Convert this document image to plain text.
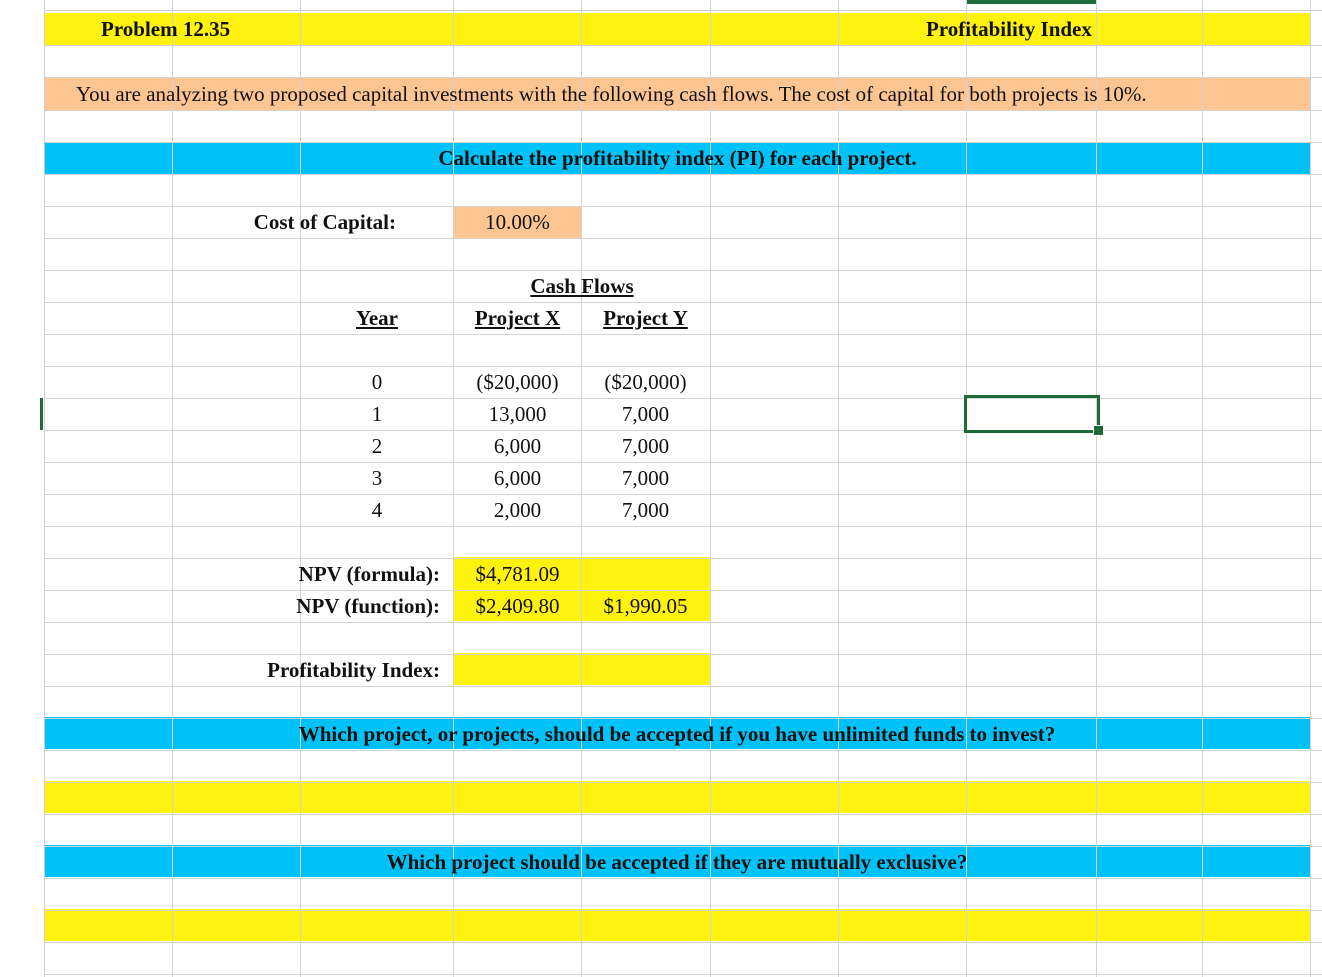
Problem 12.35	Profitability Index
You are analyzing two proposed capital investments with the following cash flows. The cost of capital for both projects is 10%.
Calculate the profitability index (PI) for each project.
Cost of Capital:	10.00%
Cash Flows
Year	Project X	Project Y
0	($20,000)	($20,000)
1	13,000	7,000
2	6,000	7,000
3	6,000	7,000
4	2,000	7,000
NPV (formula):	$4,781.09
NPV (function):	$2,409.80	$1,990.05
Profitability Index:
Which project, or projects, should be accepted if you have unlimited funds to invest?
Which project should be accepted if they are mutually exclusive?
